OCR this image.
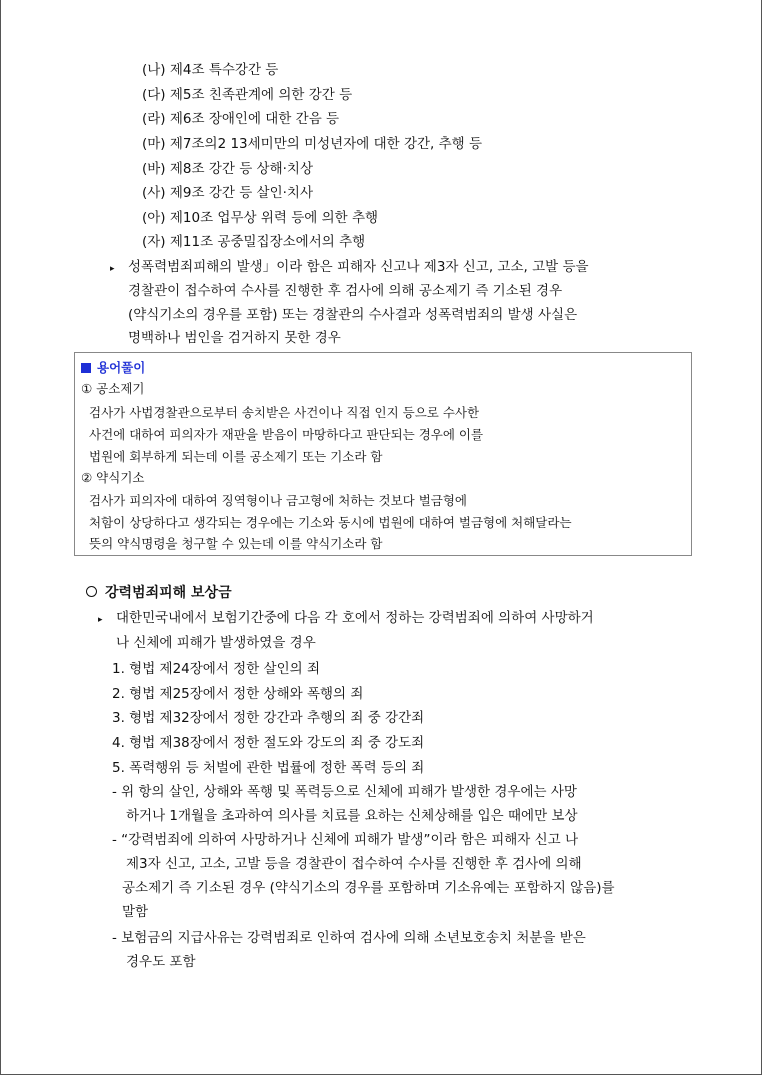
(나) 제4조 특수강간 등
(다) 제5조 친족관계에 의한 강간 등
(라) 제6조 장애인에 대한 간음 등
(마) 제7조의2 13세미만의 미성년자에 대한 강간, 추행 등
(바) 제8조 강간 등 상해·치상
(사) 제9조 강간 등 살인·치사
(아) 제10조 업무상 위력 등에 의한 추행
(자) 제11조 공중밀집장소에서의 추행
▸ 성폭력범죄피해의 발생」이라 함은 피해자 신고나 제3자 신고, 고소, 고발 등을
경찰관이 접수하여 수사를 진행한 후 검사에 의해 공소제기 즉 기소된 경우
(약식기소의 경우를 포함) 또는 경찰관의 수사결과 성폭력범죄의 발생 사실은
명백하나 범인을 검거하지 못한 경우
용어풀이
① 공소제기
검사가 사법경찰관으로부터 송치받은 사건이나 직접 인지 등으로 수사한
사건에 대하여 피의자가 재판을 받음이 마땅하다고 판단되는 경우에 이를
법원에 회부하게 되는데 이를 공소제기 또는 기소라 함
② 약식기소
검사가 피의자에 대하여 징역형이나 금고형에 처하는 것보다 벌금형에
처함이 상당하다고 생각되는 경우에는 기소와 동시에 법원에 대하여 벌금형에 처해달라는
뜻의 약식명령을 청구할 수 있는데 이를 약식기소라 함
강력범죄피해 보상금
▸ 대한민국내에서 보험기간중에 다음 각 호에서 정하는 강력범죄에 의하여 사망하거
나 신체에 피해가 발생하였을 경우
1. 형법 제24장에서 정한 살인의 죄
2. 형법 제25장에서 정한 상해와 폭행의 죄
3. 형법 제32장에서 정한 강간과 추행의 죄 중 강간죄
4. 형법 제38장에서 정한 절도와 강도의 죄 중 강도죄
5. 폭력행위 등 처벌에 관한 법률에 정한 폭력 등의 죄
- 위 항의 살인, 상해와 폭행 및 폭력등으로 신체에 피해가 발생한 경우에는 사망
하거나 1개월을 초과하여 의사를 치료를 요하는 신체상해를 입은 때에만 보상
- “강력범죄에 의하여 사망하거나 신체에 피해가 발생”이라 함은 피해자 신고 나
제3자 신고, 고소, 고발 등을 경찰관이 접수하여 수사를 진행한 후 검사에 의해
공소제기 즉 기소된 경우 (약식기소의 경우를 포함하며 기소유예는 포함하지 않음)를
말함
- 보험금의 지급사유는 강력범죄로 인하여 검사에 의해 소년보호송치 처분을 받은
경우도 포함
